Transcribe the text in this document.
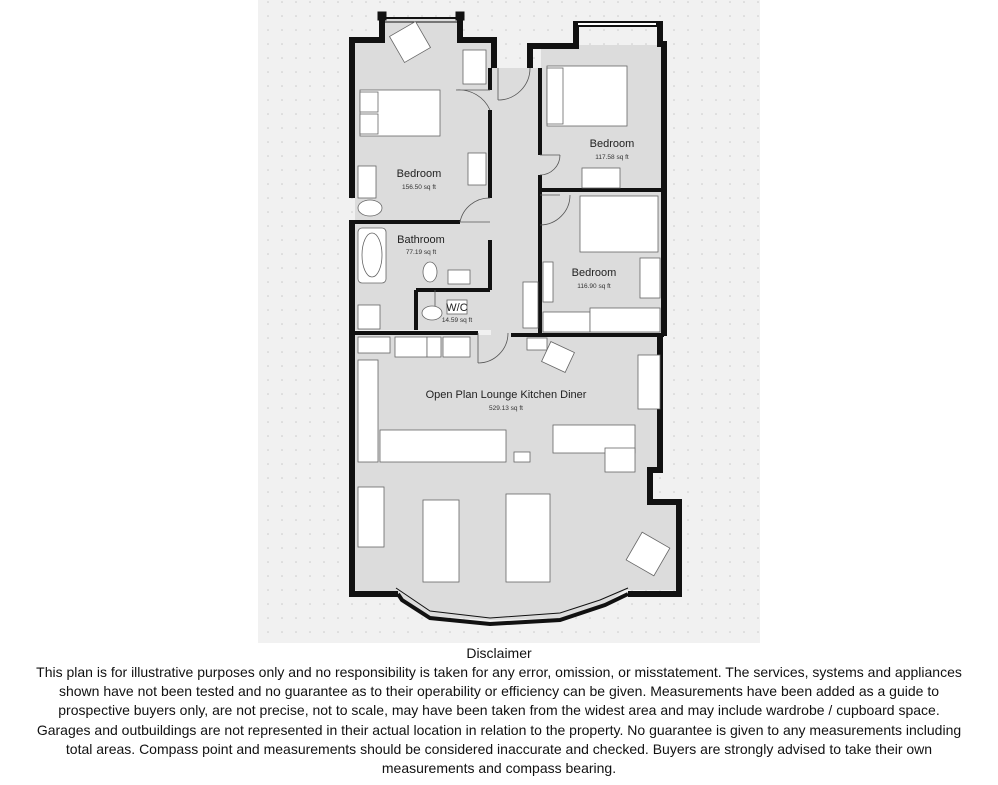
Bedroom
156.50 sq ft
Bedroom
117.58 sq ft
Bedroom
116.90 sq ft
Bathroom
77.19 sq ft
W/C
14.59 sq ft
Open Plan Lounge Kitchen Diner
529.13 sq ft
Disclaimer
This plan is for illustrative purposes only and no responsibility is taken for any error, omission, or misstatement. The services, systems and appliances shown have not been tested and no guarantee as to their operability or efficiency can be given. Measurements have been added as a guide to prospective buyers only, are not precise, not to scale, may have been taken from the widest area and may include wardrobe / cupboard space. Garages and outbuildings are not represented in their actual location in relation to the property. No guarantee is given to any measurements including total areas. Compass point and measurements should be considered inaccurate and checked. Buyers are strongly advised to take their own measurements and compass bearing.
